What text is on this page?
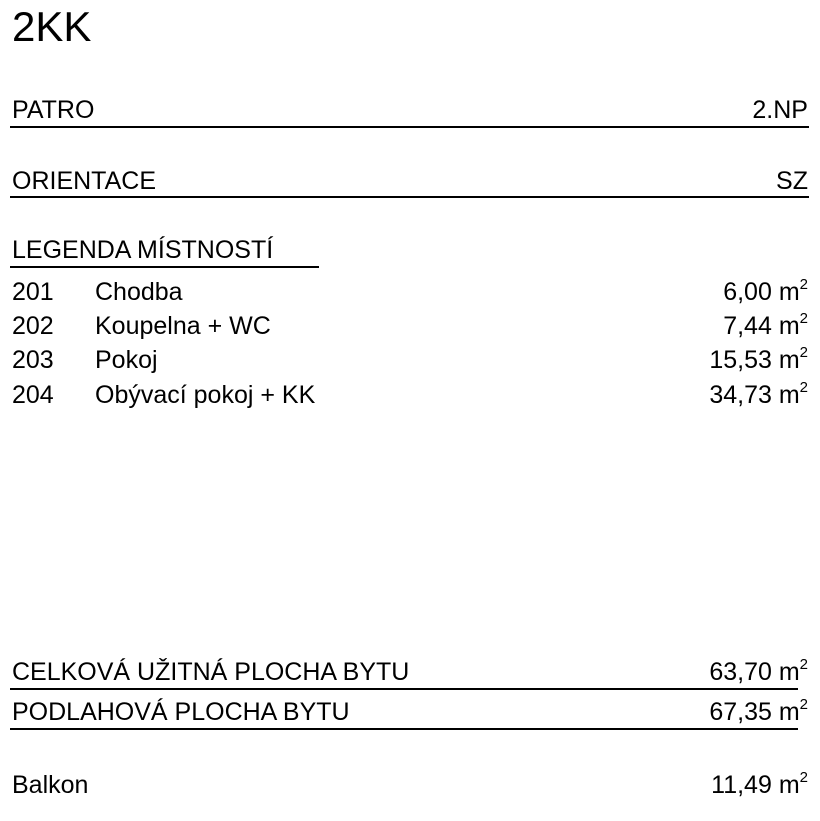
2KK
PATRO	2.NP
ORIENTACE	SZ
LEGENDA MÍSTNOSTÍ
201 Chodba	6,00 $m^2$
202 Koupelna + WC	7,44 $m^2$
203 Pokoj	15,53 $m^2$
204 Obývací pokoj + KK	34,73 $m^2$
CELKOVÁ UŽITNÁ PLOCHA BYTU	63,70 $m^2$
PODLAHOVÁ PLOCHA BYTU	67,35 $m^2$
Balkon	11,49 $m^2$
